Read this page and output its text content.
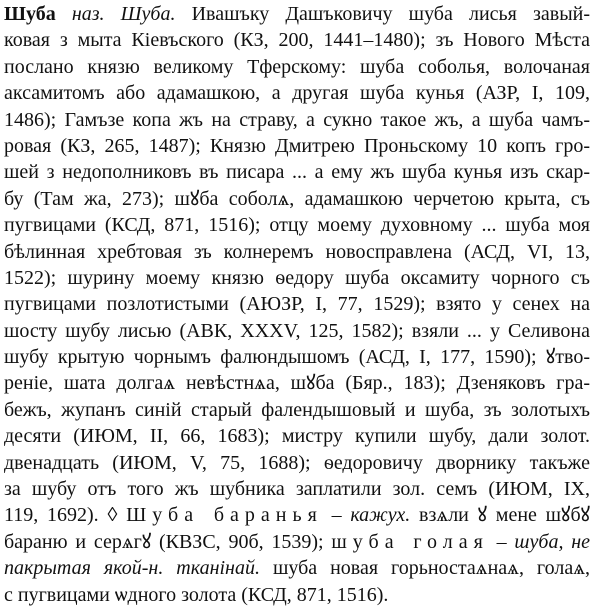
Шуба наз. Шуба. Ивашъку Дашъковичу шуба лисья завый-
ковая з мыта Кіевъского (КЗ, 200, 1441–1480); зъ Нового Мѣста
послано князю великому Тферскому: шуба соболья, волочаная
аксамитомъ або адамашкою, а другая шуба кунья (АЗР, I, 109,
1486); Гамъзе копа жъ на страву, а сукно такое жъ, а шуба чамъ-
ровая (КЗ, 265, 1487); Князю Дмитрею Проньскому 10 копъ гро-
шей з недополниковъ въ писара ... а ему жъ шуба кунья изъ скар-
бу (Там жа, 273); шꙋба соболѧ, адамашкою черчетою крыта, съ
пугвицами (КСД, 871, 1516); отцу моему духовному ... шуба моя
бѣлинная хребтовая зъ колнеремъ новосправлена (АСД, VI, 13,
1522); шурину моему князю ѳедору шуба оксамиту чорного съ
пугвицами позлотистыми (АЮЗР, I, 77, 1529); взято у сенех на
шосту шубу лисью (АВК, XXXV, 125, 1582); взяли ... у Селивона
шубу крытую чорнымъ фалюндышомъ (АСД, I, 177, 1590); ꙋтво-
реніе, шата долгаѧ невѣстнѧа, шꙋба (Бяр., 183); Дзеняковъ гра-
бежъ, жупанъ синій старый фалендышовый и шуба, зъ золотыхъ
десяти (ИЮМ, II, 66, 1683); мистру купили шубу, дали золот.
двенадцать (ИЮМ, V, 75, 1688); ѳедоровичу дворнику такъже
за шубу отъ того жъ шубника заплатили зол. семъ (ИЮМ, IX,
119, 1692). ◊ Шуба баранья – кажух. взѧли ꙋ мене шꙋбꙋ
бараню и серѧгꙋ (КВЗС, 90б, 1539); шуба голая – шуба, не
пакрытая якой-н. тканінай. шуба новая горьностаѧнаѧ, голаѧ,
с пугвицами ѡдного золота (КСД, 871, 1516).
